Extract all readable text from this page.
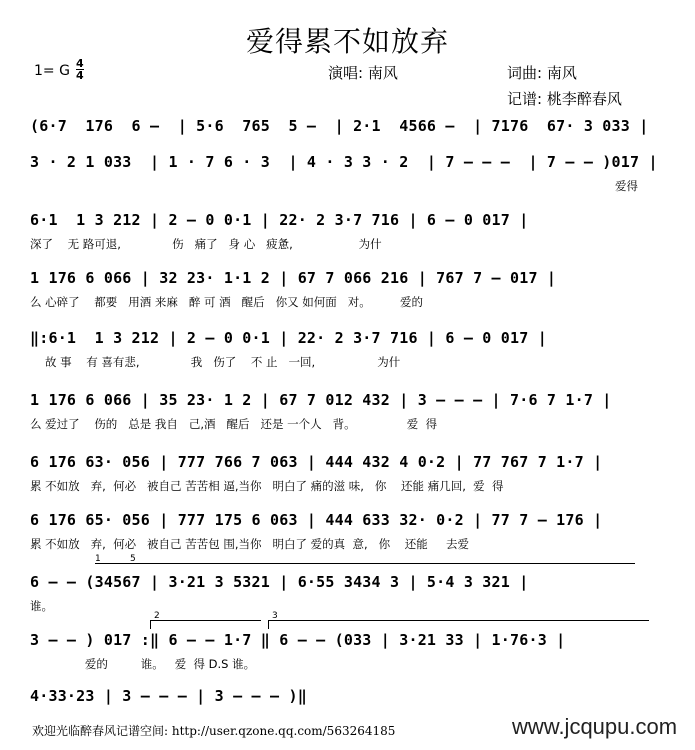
爱得累不如放弃
1= G 4
4	演唱: 南风	词曲: 南风
记谱: 桃李醉春风
(6·7  176  6 –  | 5·6  765  5 –  | 2·1  4566 –  | 7176  67· 3 033 |
3 · 2 1 033  | 1 · 7 6 · 3  | 4 · 3 3 · 2  | 7 – – –  | 7 – – )017 |
爱得
6·1  1 3 212 | 2 – 0 0·1 | 22· 2 3·7 716 | 6 – 0 017 |
深了    无 路可退,              伤   痛了   身 心   疲惫,                  为什
1 176 6 066 | 32 23· 1·1 2 | 67 7 066 216 | 767 7 – 017 |
么 心碎了    都要   用酒 来麻   醉 可 酒   醒后   你又 如何面   对。        爱的
‖:6·1  1 3 212 | 2 – 0 0·1 | 22· 2 3·7 716 | 6 – 0 017 |
故 事    有 喜有悲,              我   伤了    不 止   一回,                 为什
1 176 6 066 | 35 23· 1 2 | 67 7 012 432 | 3 – – – | 7·6 7 1·7 |
么 爱过了    伤的   总是 我自   己,酒   醒后   还是 一个人   背。              爱  得
6 176 63· 056 | 777 766 7 063 | 444 432 4 0·2 | 77 767 7 1·7 |
累 不如放   弃,  何必   被自己 苦苦相 逼,当你   明白了 痛的滋 味,   你    还能 痛几回,  爱  得
6 176 65· 056 | 777 175 6 063 | 444 633 32· 0·2 | 77 7 – 176 |
累 不如放   弃,  何必   被自己 苦苦包 围,当你   明白了 爱的真  意,   你    还能     去爱
1	5
6 – – (34567 | 3·21 3 5321 | 6·55 3434 3 | 5·4 3 321 |
谁。
2	3
3 – – ) 017 :‖ 6 – – 1·7 ‖ 6 – – (033 | 3·21 33 | 1·76·3 |
爱的         谁。   爱  得 D.S 谁。
4·33·23 | 3 – – – | 3 – – – )‖
欢迎光临醉春风记谱空间: http://user.qzone.qq.com/563264185	www.jcqupu.com
